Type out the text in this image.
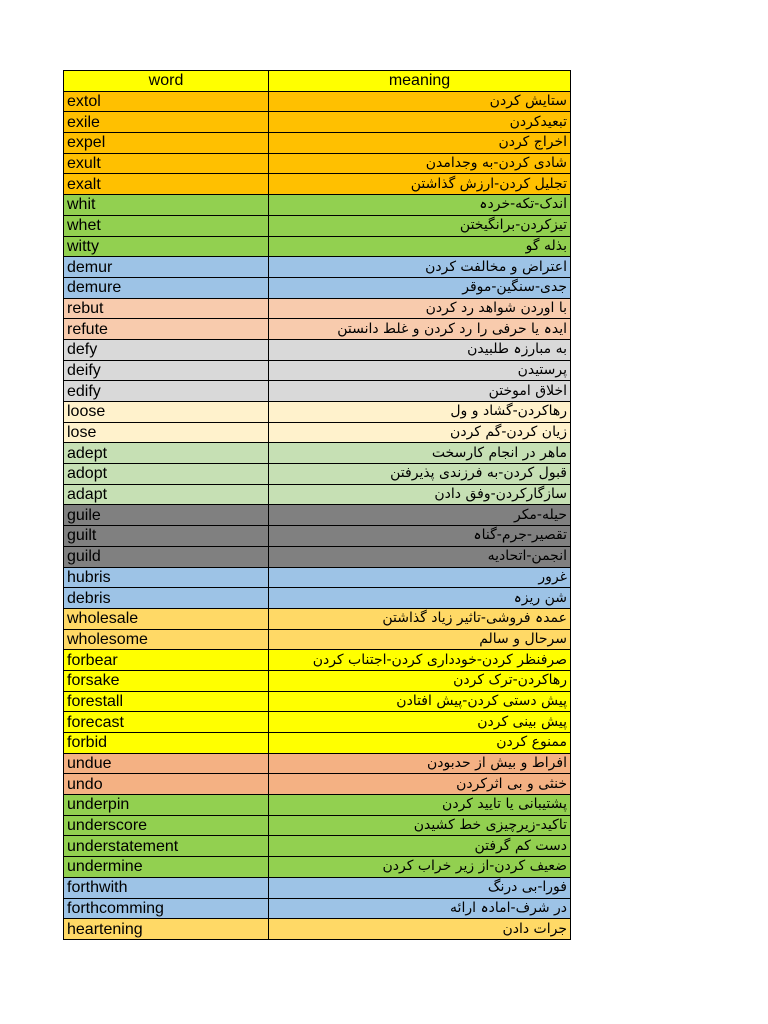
word	meaning
extol	ستایش کردن
exile	تبعیدکردن
expel	اخراج کردن
exult	شادی کردن-به وجدامدن
exalt	تجلیل کردن-ارزش گذاشتن
whit	اندک-تکه-خردہ
whet	تیزکردن-برانگیختن
witty	بذله گو
demur	اعتراض و مخالفت کردن
demure	جدی-سنگین-موقر
rebut	با اوردن شواهد رد کردن
refute	ایدہ یا حرفی را رد کردن و غلط دانستن
defy	به مبارزہ طلبیدن
deify	پرستیدن
edify	اخلاق اموختن
loose	رهاکردن-گشاد و ول
lose	زیان کردن-گم کردن
adept	ماهر در انجام کارسخت
adopt	قبول کردن-به فرزندی پذیرفتن
adapt	سازگارکردن-وفق دادن
guile	حیله-مکر
guilt	تقصیر-جرم-گناہ
guild	انجمن-اتحادیه
hubris	غرور
debris	شن ریزہ
wholesale	عمدہ فروشی-تاثیر زیاد گذاشتن
wholesome	سرحال و سالم
forbear	صرفنظر کردن-خودداری کردن-اجتناب کردن
forsake	رهاکردن-ترک کردن
forestall	پیش دستی کردن-پیش افتادن
forecast	پیش بینی کردن
forbid	ممنوع کردن
undue	افراط و بیش از حدبودن
undo	خنثی و بی اثرکردن
underpin	پشتیبانی یا تایید کردن
underscore	تاکید-زیرچیزی خط کشیدن
understatement	دست کم گرفتن
undermine	ضعیف کردن-از زیر خراب کردن
forthwith	فورا-بی درنگ
forthcomming	در شرف-امادہ ارائه
heartening	جرات دادن
